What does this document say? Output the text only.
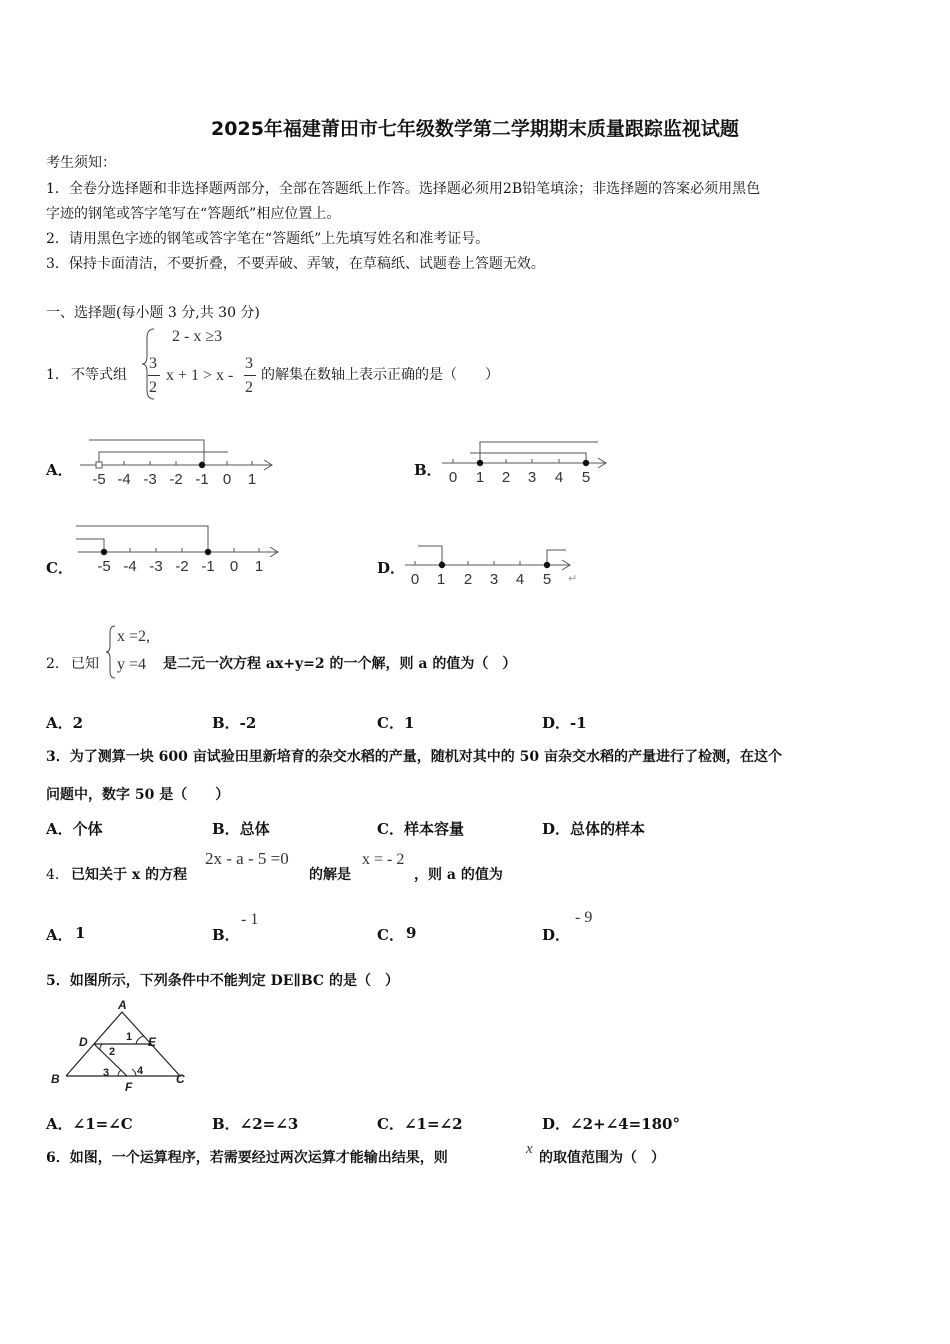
2025年福建莆田市七年级数学第二学期期末质量跟踪监视试题
考生须知：
1．全卷分选择题和非选择题两部分，全部在答题纸上作答。选择题必须用2B铅笔填涂；非选择题的答案必须用黑色
字迹的钢笔或答字笔写在“答题纸”相应位置上。
2．请用黑色字迹的钢笔或答字笔在“答题纸”上先填写姓名和准考证号。
3．保持卡面清洁，不要折叠，不要弄破、弄皱，在草稿纸、试题卷上答题无效。
一、选择题(每小题 3 分,共 30 分)
1． 不等式组
2 - x ≥3
3
2
x + 1 > x -
3
2
的解集在数轴上表示正确的是（　　）
A．
-5 -4 -3 -2 -1 0 1
B． 0 1 2 3 4 5
C． -5 -4 -3 -2 -1 0 1	D．
0 1 2 3 4 5 ↵
2． 已知
x =2,
y =4 是二元一次方程 ax+y=2 的一个解，则 a 的值为（　）
A．2	B．-2	C．1	D．-1
3．为了测算一块 600 亩试验田里新培育的杂交水稻的产量，随机对其中的 50 亩杂交水稻的产量进行了检测，在这个
问题中，数字 50 是（　　）
A．个体	B．总体	C．样本容量	D．总体的样本
4． 已知关于 x 的方程
2x - a - 5 =0
的解是
x = - 2
，则 a 的值为
A． 1	B．
- 1
C． 9	D．
- 9
5．如图所示，下列条件中不能判定 DE∥BC 的是（　）
A
B	C
D	E
F
1
2
3	4
A．∠1=∠C	B．∠2=∠3	C．∠1=∠2	D．∠2+∠4=180°
6．如图，一个运算程序，若需要经过两次运算才能输出结果，则
x
的取值范围为（　）
